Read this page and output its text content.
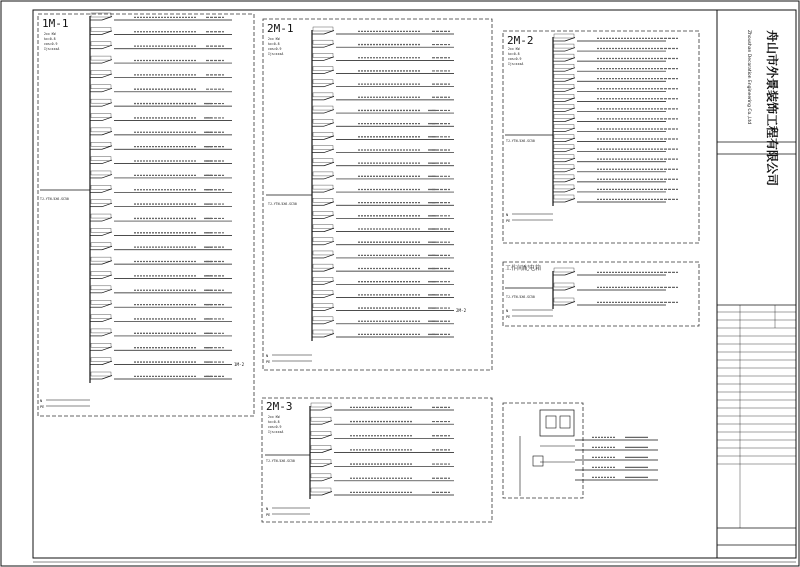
1M-1	2M-1
2M-2
工作间配电箱
2M-3
2xx KW
kx=0.8
cos=0.9
Ijs=xxxA
2xx KW
kx=0.8
cos=0.9
Ijs=xxxA
2xx KW
kx=0.8
cos=0.9
Ijs=xxxA
2xx KW
kx=0.8
cos=0.9
Ijs=xxxA
TJ-YTN-5X6-SC50
TJ-YTN-5X6-SC50
TJ-YTN-5X6-SC50
TJ-YTN-5X6-SC50
TJ-YTN-5X6-SC50
N
PE
N
PE
N
PE
N
PE
N
PE
1M-2
2M-2
舟山市外景装饰工程有限公司
Zhoushan Decoration Engineering Co.,Ltd
